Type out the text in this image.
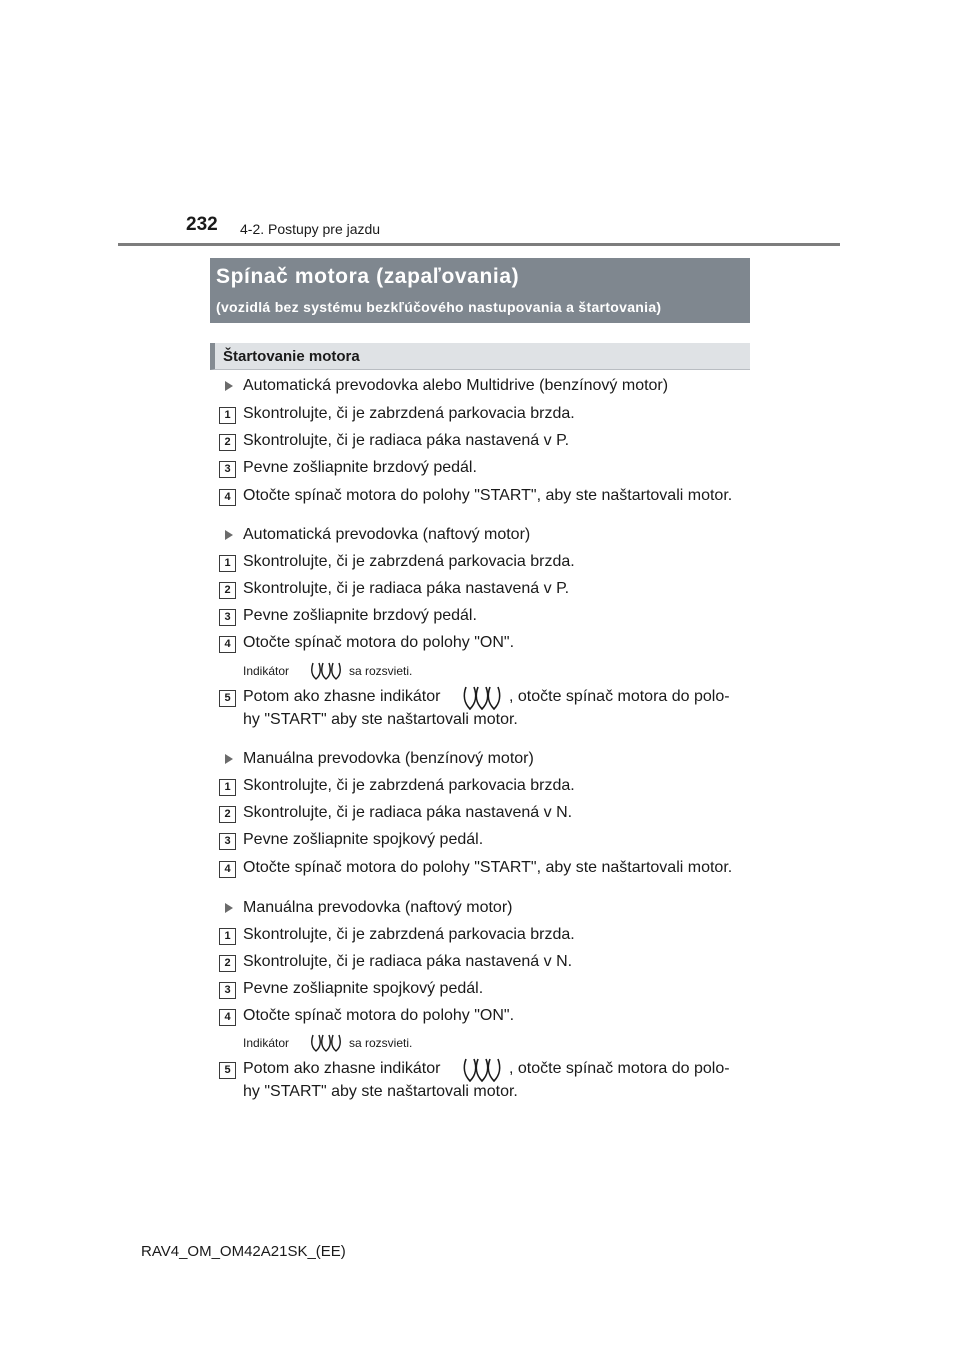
232 4-2. Postupy pre jazdu
Spínač motora (zapaľovania)
(vozidlá bez systému bezkľúčového nastupovania a štartovania)
Štartovanie motora
Automatická prevodovka alebo Multidrive (benzínový motor)
1 Skontrolujte, či je zabrzdená parkovacia brzda.
2 Skontrolujte, či je radiaca páka nastavená v P.
3 Pevne zošliapnite brzdový pedál.
4 Otočte spínač motora do polohy "START", aby ste naštartovali motor.
Automatická prevodovka (naftový motor)
1 Skontrolujte, či je zabrzdená parkovacia brzda.
2 Skontrolujte, či je radiaca páka nastavená v P.
3 Pevne zošliapnite brzdový pedál.
4 Otočte spínač motora do polohy "ON".
Indikátor	sa rozsvieti.
5 Potom ako zhasne indikátor	, otočte spínač motora do polo-
hy "START" aby ste naštartovali motor.
Manuálna prevodovka (benzínový motor)
1 Skontrolujte, či je zabrzdená parkovacia brzda.
2 Skontrolujte, či je radiaca páka nastavená v N.
3 Pevne zošliapnite spojkový pedál.
4 Otočte spínač motora do polohy "START", aby ste naštartovali motor.
Manuálna prevodovka (naftový motor)
1 Skontrolujte, či je zabrzdená parkovacia brzda.
2 Skontrolujte, či je radiaca páka nastavená v N.
3 Pevne zošliapnite spojkový pedál.
4 Otočte spínač motora do polohy "ON".
Indikátor	sa rozsvieti.
5 Potom ako zhasne indikátor	, otočte spínač motora do polo-
hy "START" aby ste naštartovali motor.
RAV4_OM_OM42A21SK_(EE)
